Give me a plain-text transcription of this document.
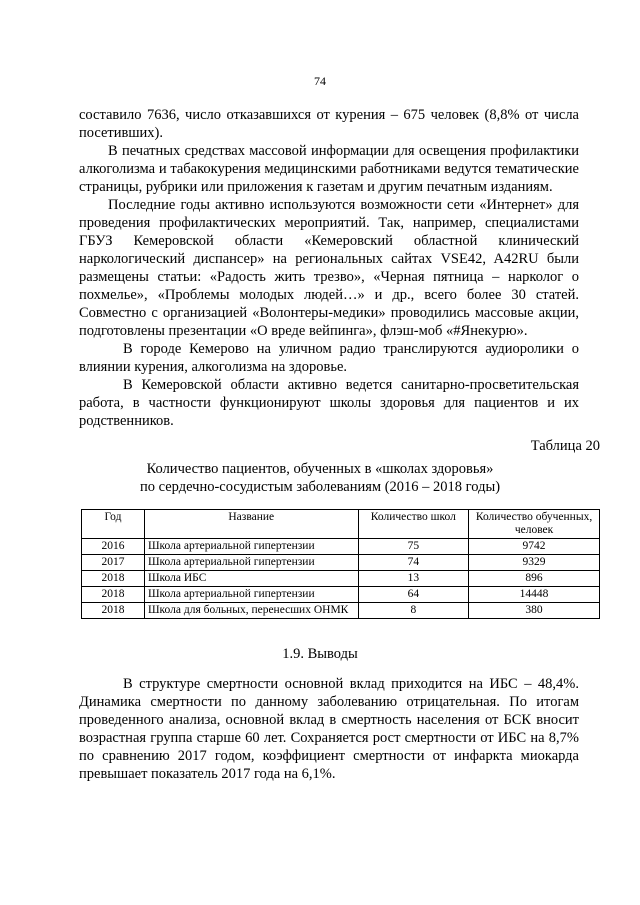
74

составило 7636, число отказавшихся от курения – 675 человек (8,8% от числа посетивших).

В печатных средствах массовой информации для освещения профилактики алкоголизма и табакокурения медицинскими работниками ведутся тематические страницы, рубрики или приложения к газетам и другим печатным изданиям.

Последние годы активно используются возможности сети «Интернет» для проведения профилактических мероприятий. Так, например, специалистами ГБУЗ Кемеровской области «Кемеровский областной клинический наркологический диспансер» на региональных сайтах VSE42, A42RU были размещены статьи: «Радость жить трезво», «Черная пятница – нарколог о похмелье», «Проблемы молодых людей…» и др., всего более 30 статей. Совместно с организацией «Волонтеры-медики» проводились массовые акции, подготовлены презентации «О вреде вейпинга», флэш-моб «#Янекурю».

В городе Кемерово на уличном радио транслируются аудиоролики о влиянии курения, алкоголизма на здоровье.

В Кемеровской области активно ведется санитарно-просветительская работа, в частности функционируют школы здоровья для пациентов и их родственников.

Таблица 20
Количество пациентов, обученных в «школах здоровья»
по сердечно-сосудистым заболеваниям (2016 – 2018 годы)
Год	Название	Количество школ	Количество обученных, человек
2016	Школа артериальной гипертензии	75	9742
2017	Школа артериальной гипертензии	74	9329
2018	Школа ИБС	13	896
2018	Школа артериальной гипертензии	64	14448
2018	Школа для больных, перенесших ОНМК	8	380
1.9. Выводы

В структуре смертности основной вклад приходится на ИБС – 48,4%. Динамика смертности по данному заболеванию отрицательная. По итогам проведенного анализа, основной вклад в смертность населения от БСК вносит возрастная группа старше 60 лет. Сохраняется рост смертности от ИБС на 8,7% по сравнению 2017 годом, коэффициент смертности от инфаркта миокарда превышает показатель 2017 года на 6,1%.
